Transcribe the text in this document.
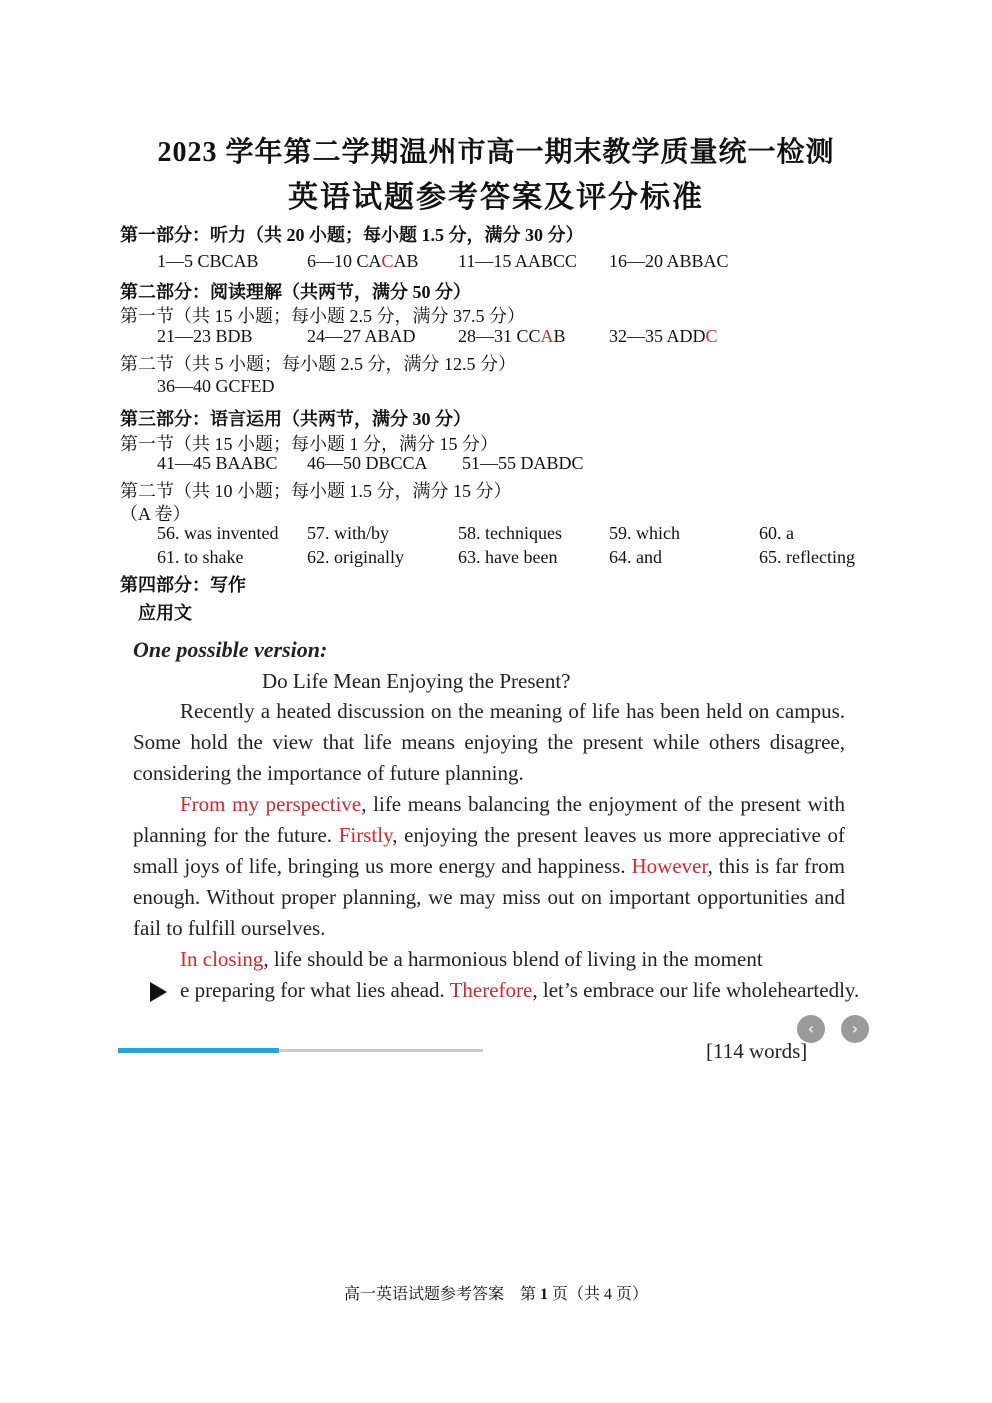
2023 学年第二学期温州市高一期末教学质量统一检测
英语试题参考答案及评分标准
第一部分：听力（共 20 小题；每小题 1.5 分，满分 30 分）
1—5 CBCAB	6—10 CACAB 11—15 AABCC 16—20 ABBAC
第二部分：阅读理解（共两节，满分 50 分）
第一节（共 15 小题；每小题 2.5 分，满分 37.5 分）
21—23 BDB	24—27 ABAD 28—31 CCAB 32—35 ADDC
第二节（共 5 小题；每小题 2.5 分，满分 12.5 分）
36—40 GCFED
第三部分：语言运用（共两节，满分 30 分）
第一节（共 15 小题；每小题 1 分，满分 15 分）
41—45 BAABC 46—50 DBCCA 51—55 DABDC
第二节（共 10 小题；每小题 1.5 分，满分 15 分）
（A 卷）
56. was invented 57. with/by	58. techniques	59. which	60. a
61. to shake	62. originally	63. have been	64. and	65. reflecting
第四部分：写作
应用文
One possible version:
Do Life Mean Enjoying the Present?

Recently a heated discussion on the meaning of life has been held on campus. Some hold the view that life means enjoying the present while others disagree, considering the importance of future planning.

From my perspective, life means balancing the enjoyment of the present with planning for the future. Firstly, enjoying the present leaves us more appreciative of small joys of life, bringing us more energy and happiness. However, this is far from enough. Without proper planning, we may miss out on important opportunities and fail to fulfill ourselves.

In closing, life should be a harmonious blend of living in the moment

e preparing for what lies ahead. Therefore, let’s embrace our life wholeheartedly.

[114 words]
‹	›
高一英语试题参考答案　第 1 页（共 4 页）
